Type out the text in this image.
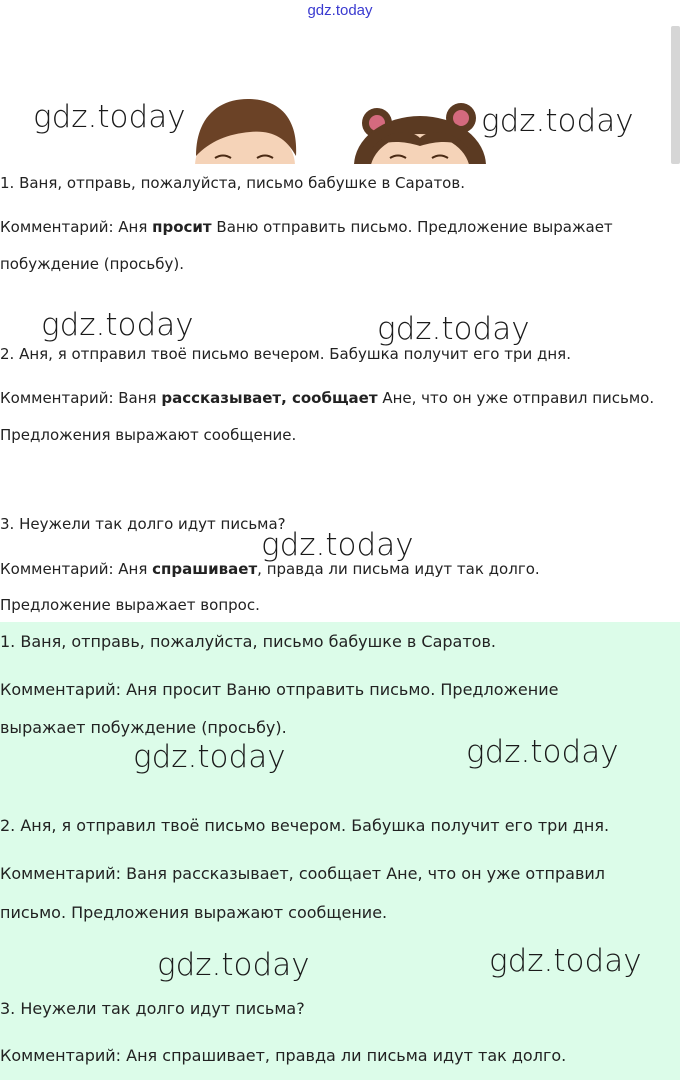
gdz.today
1. Ваня, отправь, пожалуйста, письмо бабушке в Саратов.
Комментарий: Аня просит Ваню отправить письмо. Предложение выражает
побуждение (просьбу).
2. Аня, я отправил твоё письмо вечером. Бабушка получит его три дня.
Комментарий: Ваня рассказывает, сообщает Ане, что он уже отправил письмо.
Предложения выражают сообщение.
3. Неужели так долго идут письма?
Комментарий: Аня спрашивает, правда ли письма идут так долго.
Предложение выражает вопрос.
1. Ваня, отправь, пожалуйста, письмо бабушке в Саратов.
Комментарий: Аня просит Ваню отправить письмо. Предложение
выражает побуждение (просьбу).
2. Аня, я отправил твоё письмо вечером. Бабушка получит его три дня.
Комментарий: Ваня рассказывает, сообщает Ане, что он уже отправил
письмо. Предложения выражают сообщение.
3. Неужели так долго идут письма?
Комментарий: Аня спрашивает, правда ли письма идут так долго.
gdz.today	gdz.today
gdz.today	gdz.today
gdz.today
gdz.today	gdz.today
gdz.today	gdz.today
